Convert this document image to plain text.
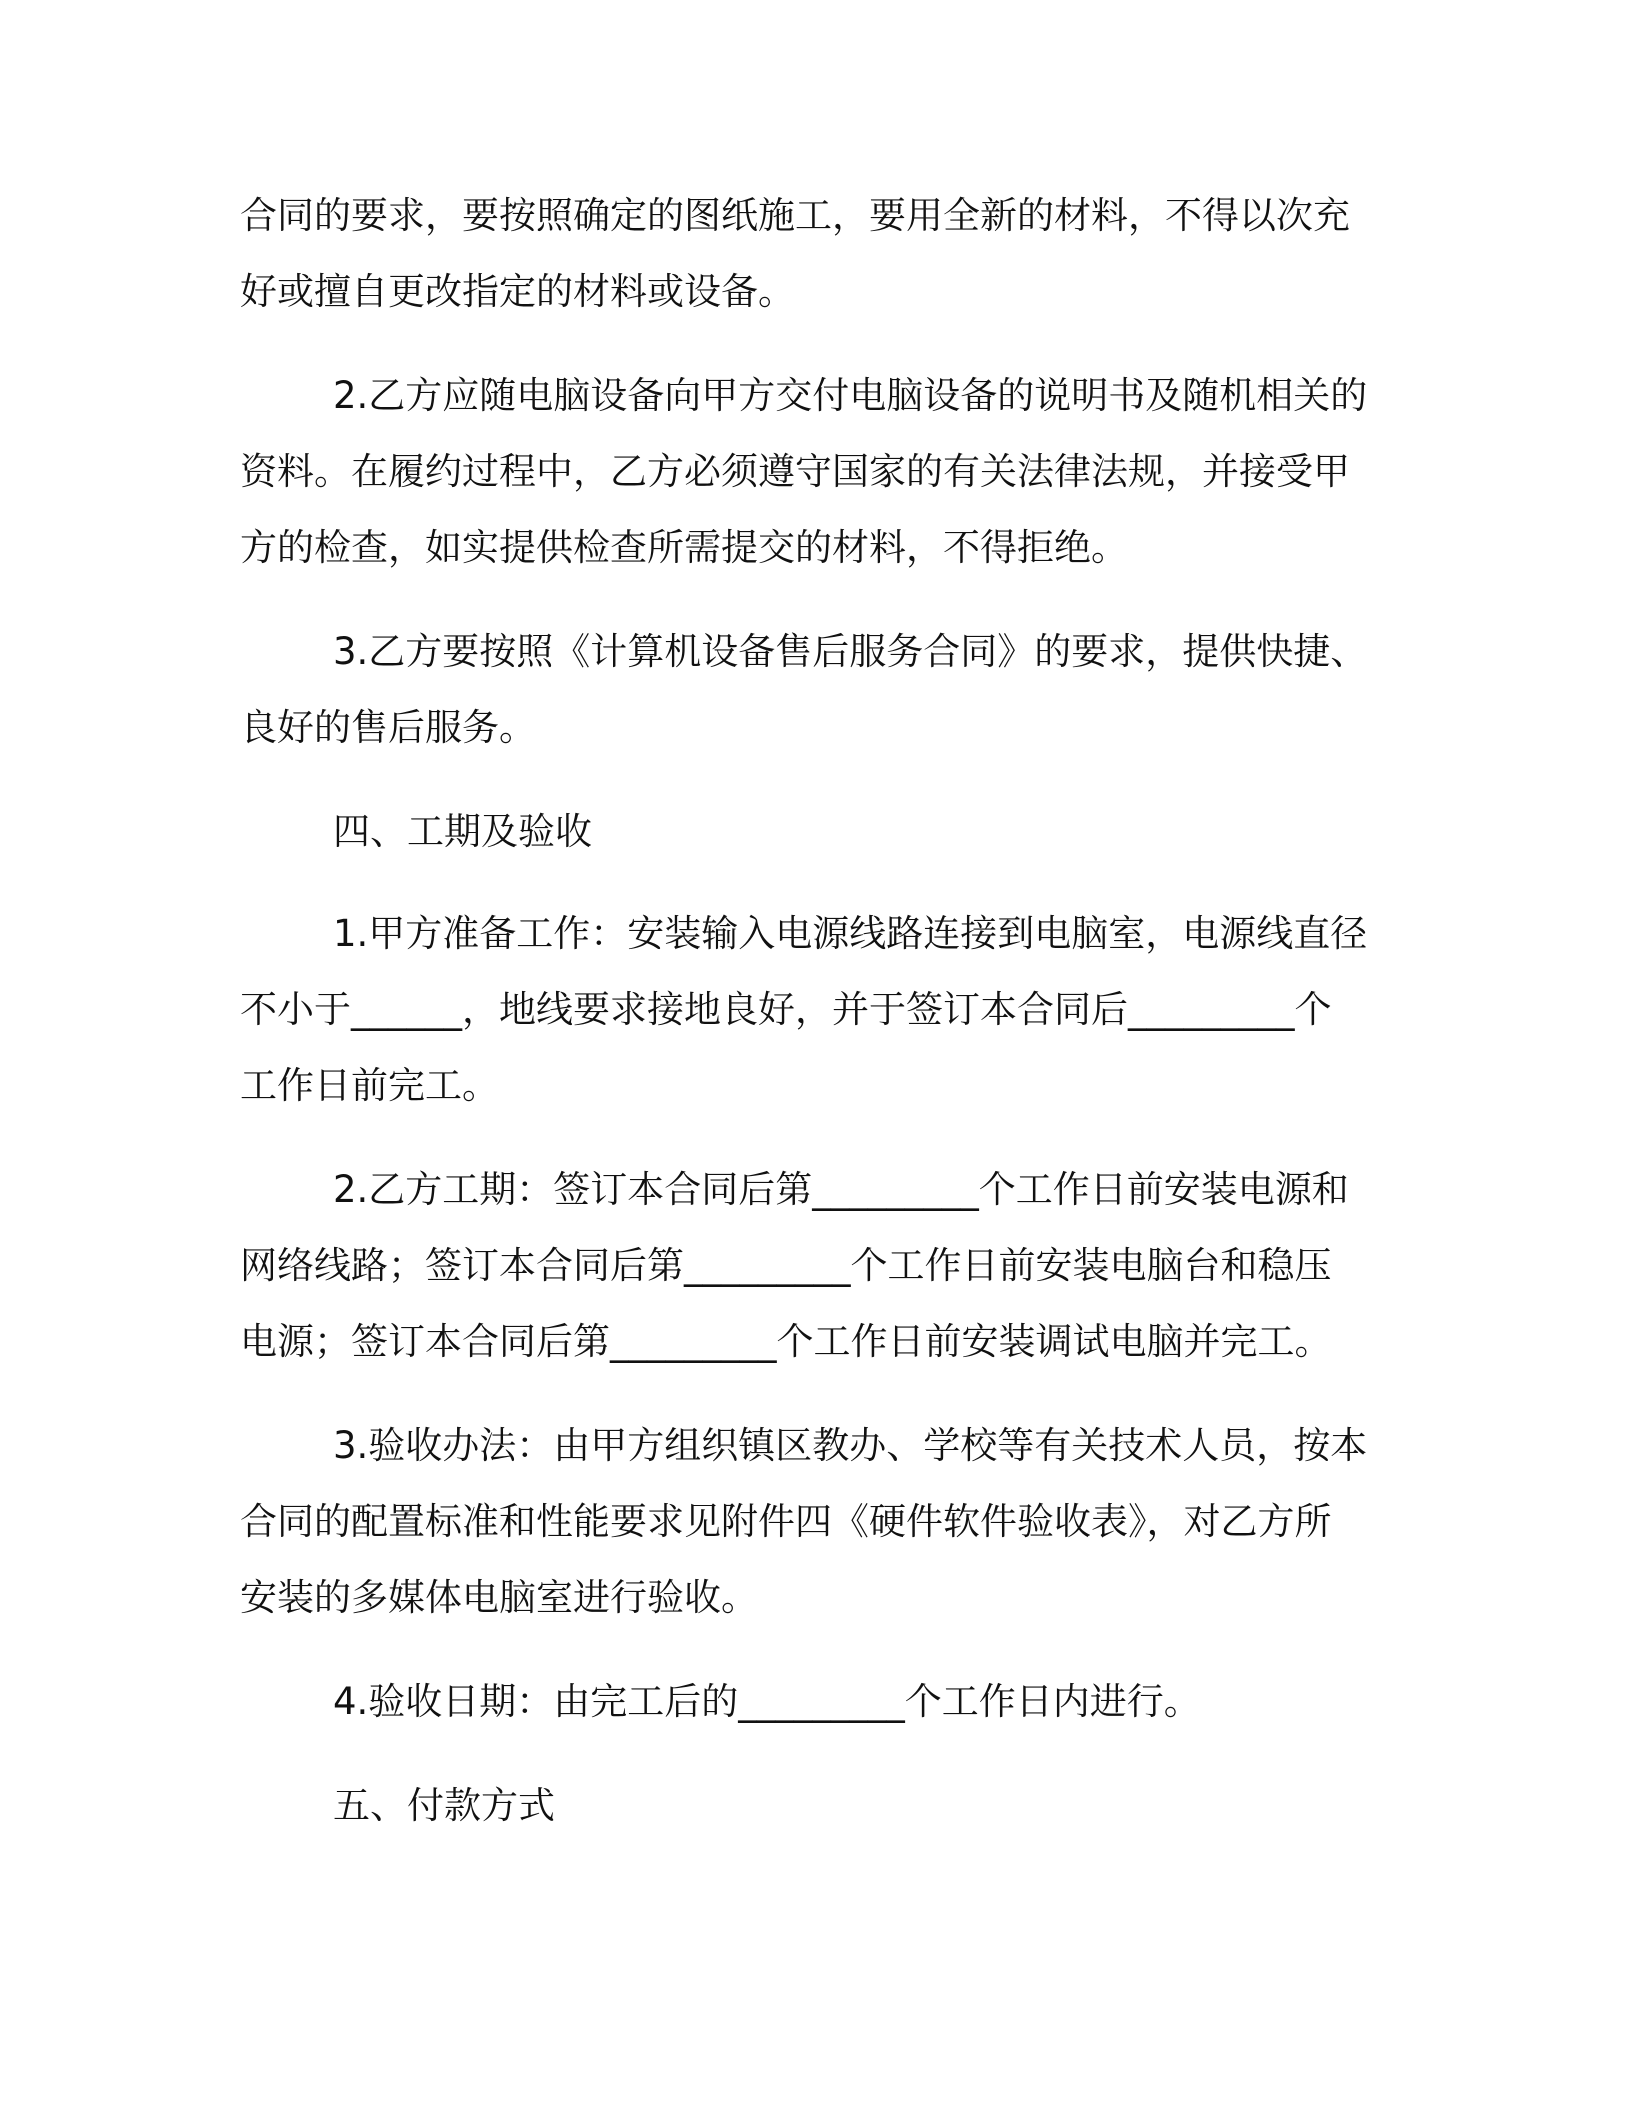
合同的要求，要按照确定的图纸施工，要用全新的材料，不得以次充
好或擅自更改指定的材料或设备。
2.乙方应随电脑设备向甲方交付电脑设备的说明书及随机相关的
资料。在履约过程中，乙方必须遵守国家的有关法律法规，并接受甲
方的检查，如实提供检查所需提交的材料，不得拒绝。
3.乙方要按照《计算机设备售后服务合同》的要求，提供快捷、
良好的售后服务。
四、工期及验收
1.甲方准备工作：安装输入电源线路连接到电脑室，电源线直径
不小于______，地线要求接地良好，并于签订本合同后_________个
工作日前完工。
2.乙方工期：签订本合同后第_________个工作日前安装电源和
网络线路；签订本合同后第_________个工作日前安装电脑台和稳压
电源；签订本合同后第_________个工作日前安装调试电脑并完工。
3.验收办法：由甲方组织镇区教办、学校等有关技术人员，按本
合同的配置标准和性能要求见附件四《硬件软件验收表》，对乙方所
安装的多媒体电脑室进行验收。
4.验收日期：由完工后的_________个工作日内进行。
五、付款方式
